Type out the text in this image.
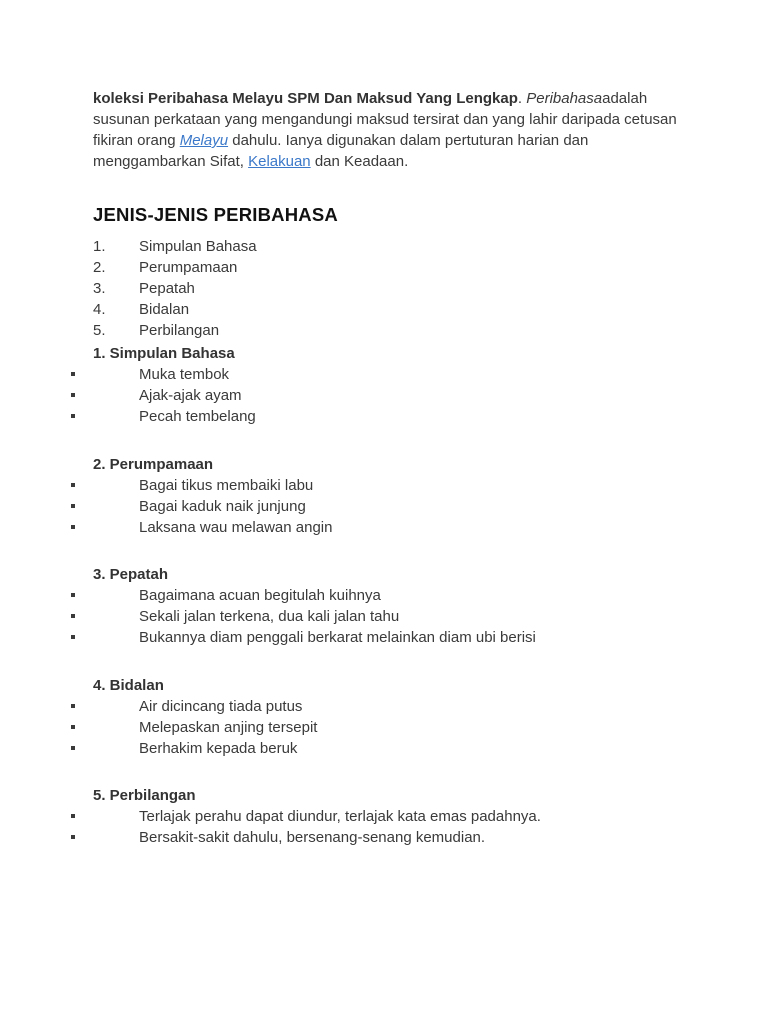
koleksi Peribahasa Melayu SPM Dan Maksud Yang Lengkap. Peribahasaadalah susunan perkataan yang mengandungi maksud tersirat dan yang lahir daripada cetusan fikiran orang Melayu dahulu. Ianya digunakan dalam pertuturan harian dan menggambarkan Sifat, Kelakuan dan Keadaan.

JENIS-JENIS PERIBAHASA
1.	Simpulan Bahasa
2.	Perumpamaan
3.	Pepatah
4.	Bidalan
5.	Perbilangan
1. Simpulan Bahasa
Muka tembok
Ajak-ajak ayam
Pecah tembelang
2. Perumpamaan
Bagai tikus membaiki labu
Bagai kaduk naik junjung
Laksana wau melawan angin
3. Pepatah
Bagaimana acuan begitulah kuihnya
Sekali jalan terkena, dua kali jalan tahu
Bukannya diam penggali berkarat melainkan diam ubi berisi
4. Bidalan
Air dicincang tiada putus
Melepaskan anjing tersepit
Berhakim kepada beruk
5. Perbilangan
Terlajak perahu dapat diundur, terlajak kata emas padahnya.
Bersakit-sakit dahulu, bersenang-senang kemudian.
